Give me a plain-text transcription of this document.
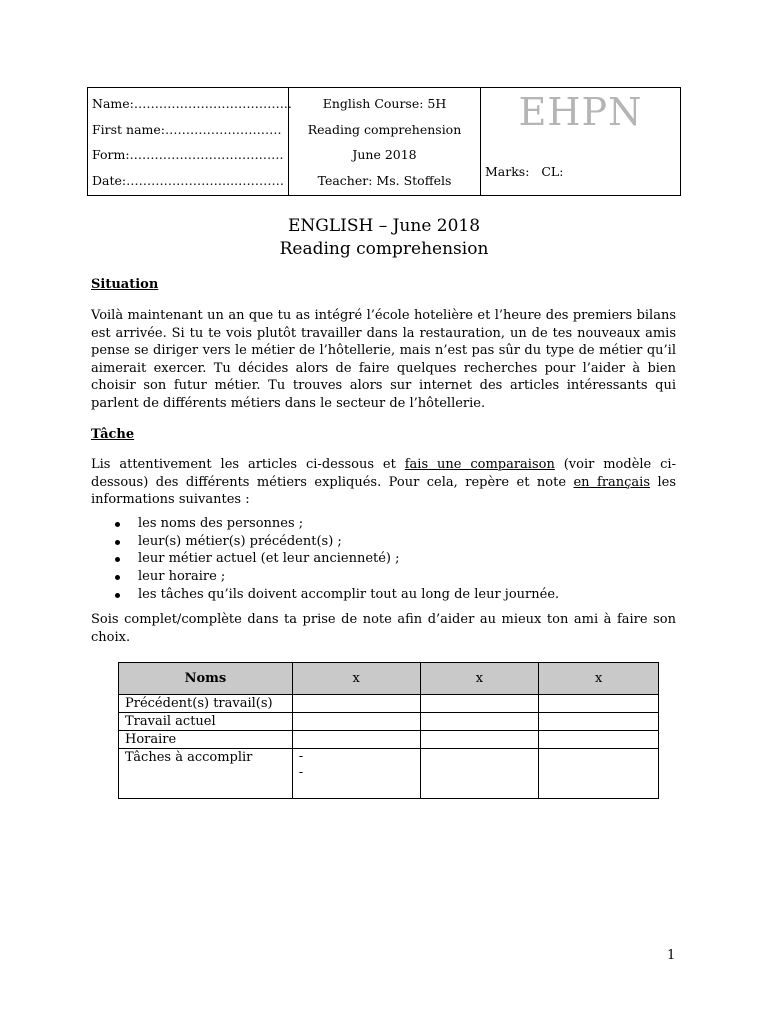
Name:………………………………..
First name:……………………….
Form:……………………………….
Date:……………………..…………
English Course: 5H
Reading comprehension
June 2018
Teacher: Ms. Stoffels
EHPN
Marks:   CL:
ENGLISH – June 2018
Reading comprehension
Situation
Voilà maintenant un an que tu as intégré l’école hotelière et l’heure des premiers bilans est arrivée. Si tu te vois plutôt travailler dans la restauration, un de tes nouveaux amis pense se diriger vers le métier de l’hôtellerie, mais n’est pas sûr du type de métier qu’il aimerait exercer. Tu décides alors de faire quelques recherches pour l’aider à bien choisir son futur métier. Tu trouves alors sur internet des articles intéressants qui parlent de différents métiers dans le secteur de l’hôtellerie.
Tâche
Lis attentivement les articles ci-dessous et fais une comparaison (voir modèle ci-dessous) des différents métiers expliqués. Pour cela, repère et note en français les informations suivantes :
les noms des personnes ;
leur(s) métier(s) précédent(s) ;
leur métier actuel (et leur ancienneté) ;
leur horaire ;
les tâches qu’ils doivent accomplir tout au long de leur journée.
Sois complet/complète dans ta prise de note afin d’aider au mieux ton ami à faire son choix.
Noms	x	x	x
Précédent(s) travail(s)			
Travail actuel			
Horaire			
Tâches à accomplir	-
-		

1
